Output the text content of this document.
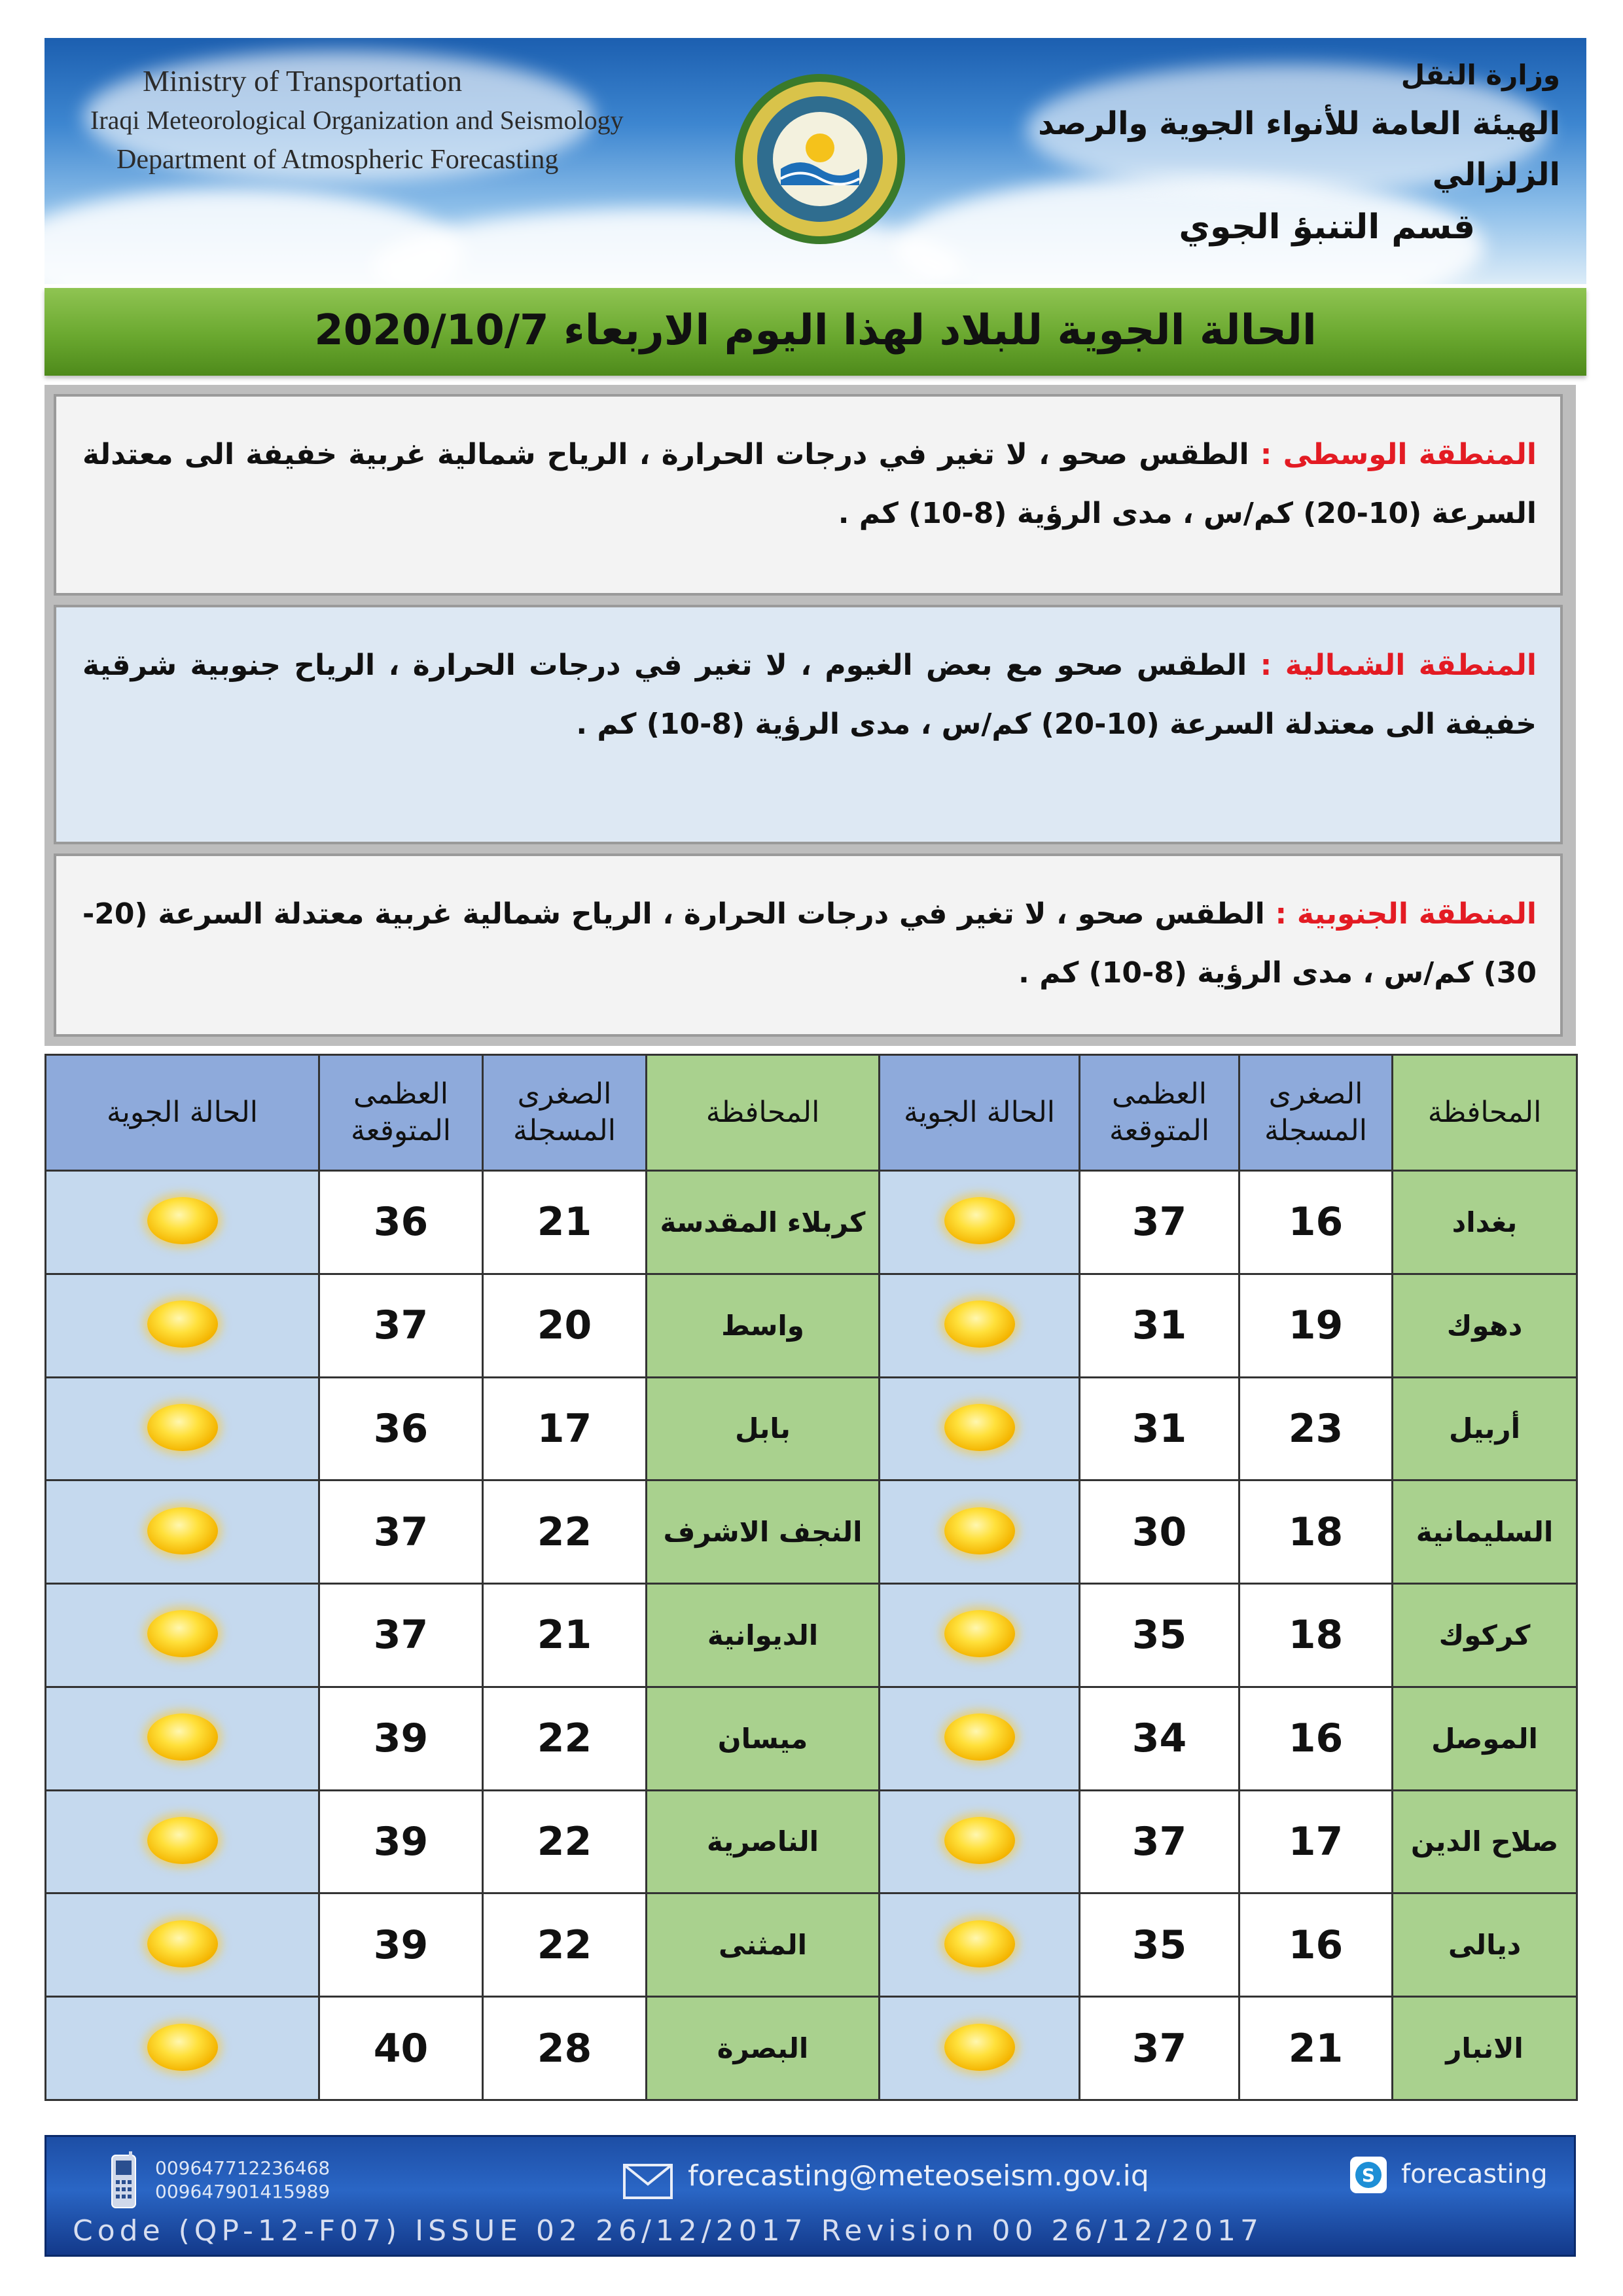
Ministry of Transportation
Iraqi Meteorological Organization and Seismology
Department of Atmospheric Forecasting
وزارة النقل
الهيئة العامة للأنواء الجوية والرصد الزلزالي
قسم التنبؤ الجوي
الحالة الجوية للبلاد لهذا اليوم الاربعاء 2020/10/7

المنطقة الوسطى : الطقس صحو ، لا تغير في درجات الحرارة ، الرياح شمالية غربية خفيفة الى معتدلة السرعة (10-20) كم/س ، مدى الرؤية (8-10) كم .

المنطقة الشمالية : الطقس صحو مع بعض الغيوم ، لا تغير في درجات الحرارة ، الرياح جنوبية شرقية خفيفة الى معتدلة السرعة (10-20) كم/س ، مدى الرؤية (8-10) كم .

المنطقة الجنوبية : الطقس صحو ، لا تغير في درجات الحرارة ، الرياح شمالية غربية معتدلة السرعة (20-30) كم/س ، مدى الرؤية (8-10) كم .

المحافظة	الصغرى المسجلة	العظمى المتوقعة	الحالة الجوية	المحافظة	الصغرى المسجلة	العظمى المتوقعة	الحالة الجوية
بغداد	16	37		كربلاء المقدسة	21	36	
دهوك	19	31		واسط	20	37	
أربيل	23	31		بابل	17	36	
السليمانية	18	30		النجف الاشرف	22	37	
كركوك	18	35		الديوانية	21	37	
الموصل	16	34		ميسان	22	39	
صلاح الدين	17	37		الناصرية	22	39	
ديالى	16	35		المثنى	22	39	
الانبار	21	37		البصرة	28	40	
009647712236468
009647901415989	forecasting@meteoseism.gov.iq	S forecasting
Code (QP-12-F07) ISSUE 02 26/12/2017 Revision 00 26/12/2017
